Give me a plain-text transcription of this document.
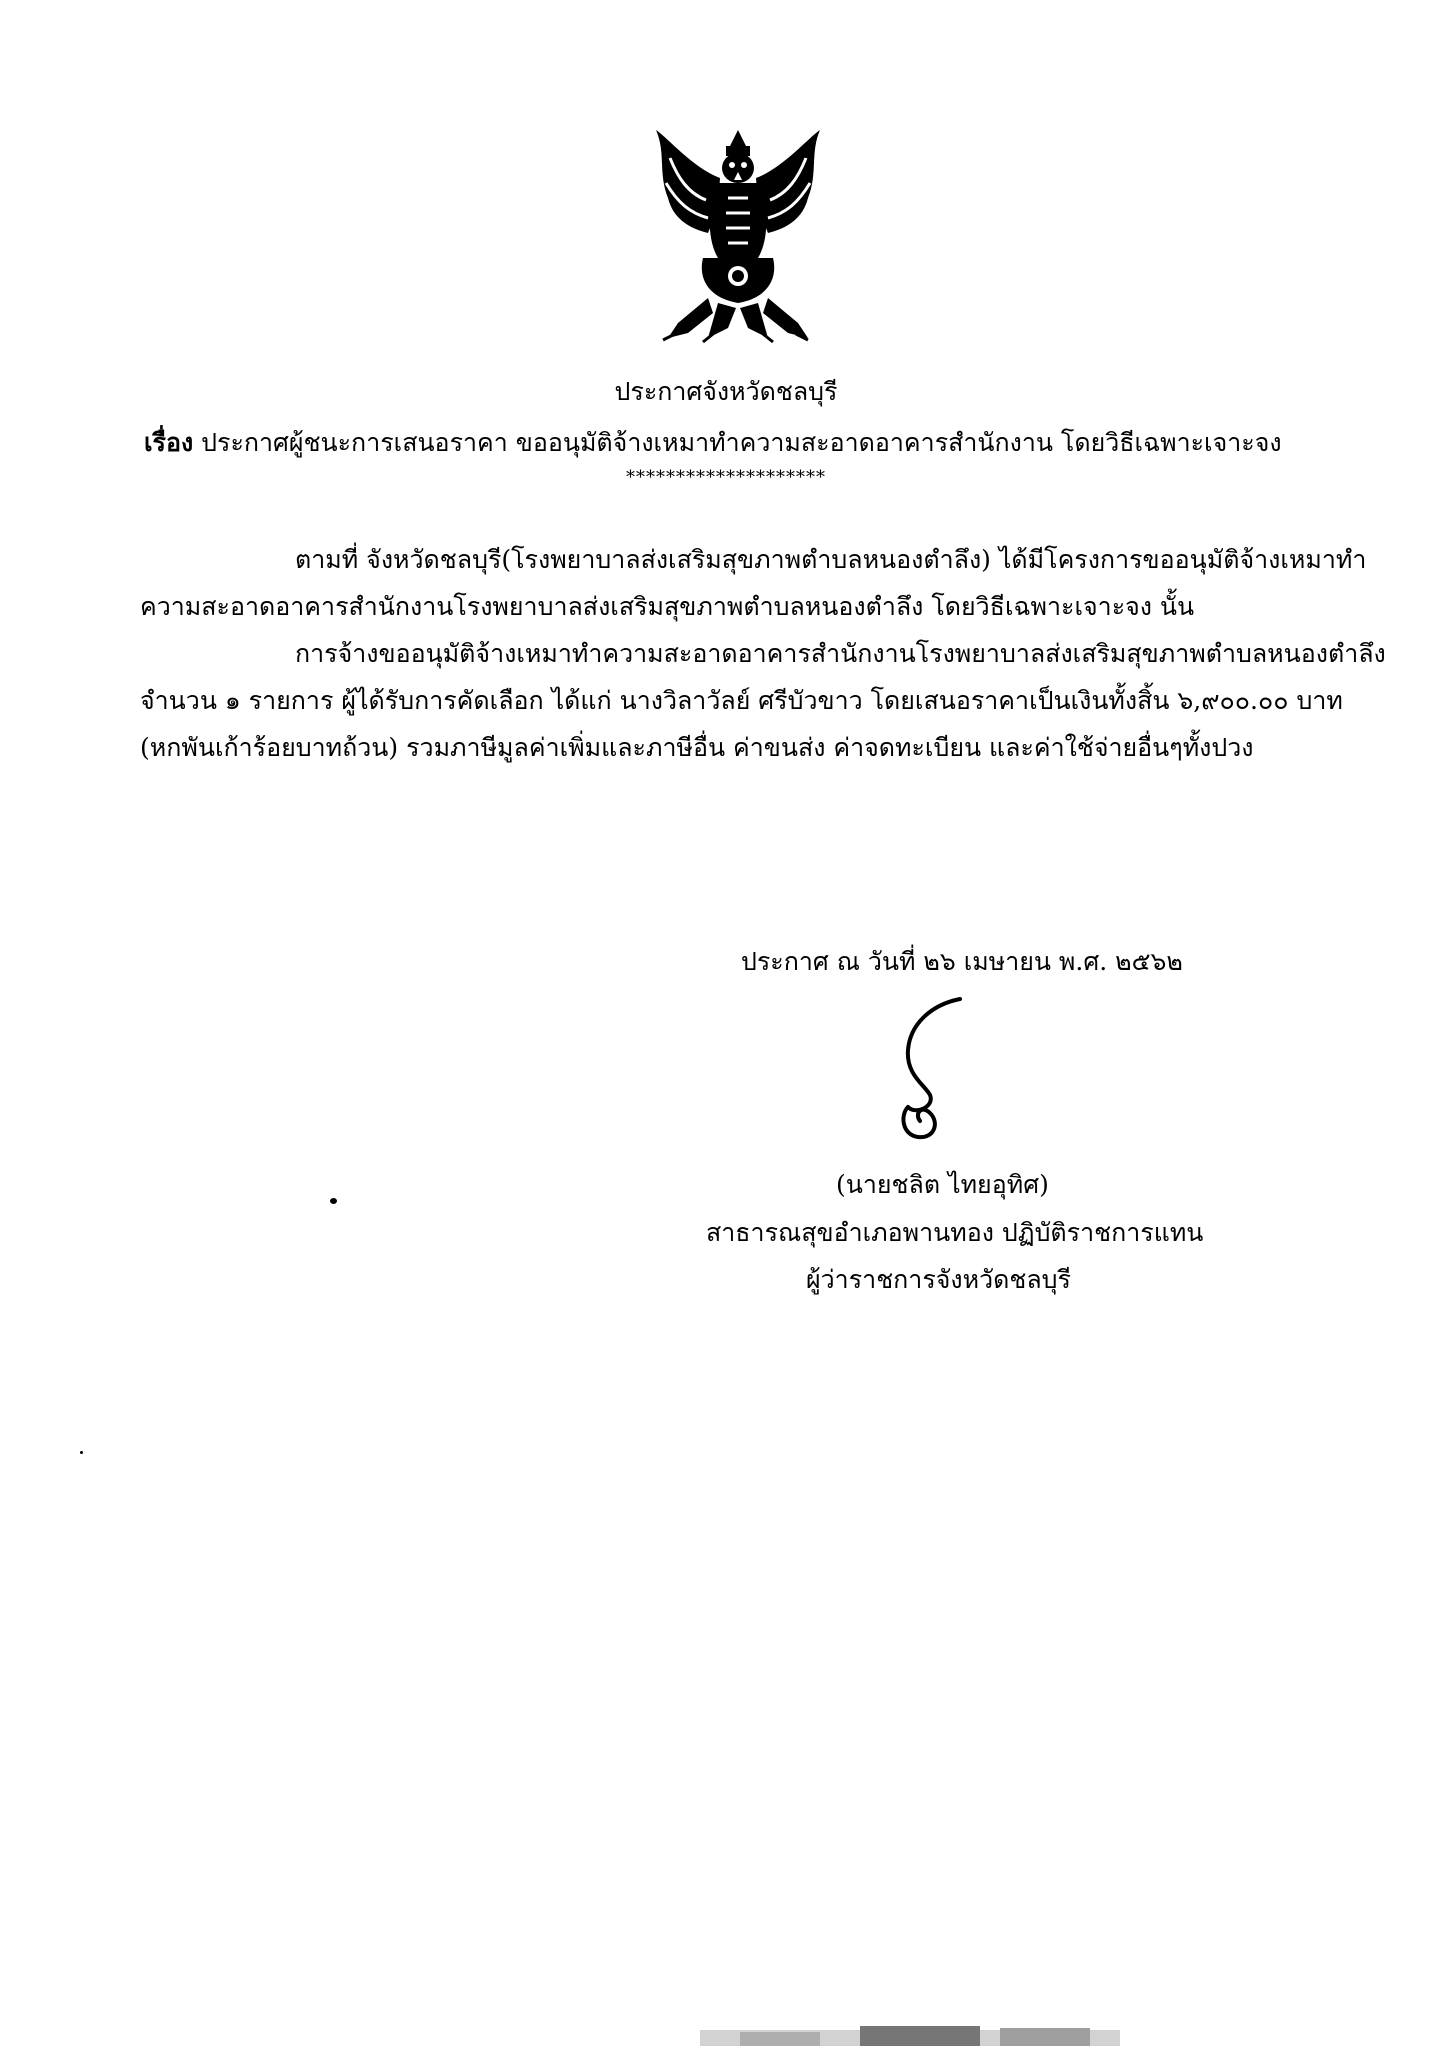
ประกาศจังหวัดชลบุรี
เรื่อง ประกาศผู้ชนะการเสนอราคา ขออนุมัติจ้างเหมาทำความสะอาดอาคารสำนักงาน โดยวิธีเฉพาะเจาะจง
********************
ตามที่ จังหวัดชลบุรี(โรงพยาบาลส่งเสริมสุขภาพตำบลหนองตำลึง) ได้มีโครงการขออนุมัติจ้างเหมาทำ
ความสะอาดอาคารสำนักงานโรงพยาบาลส่งเสริมสุขภาพตำบลหนองตำลึง โดยวิธีเฉพาะเจาะจง นั้น
การจ้างขออนุมัติจ้างเหมาทำความสะอาดอาคารสำนักงานโรงพยาบาลส่งเสริมสุขภาพตำบลหนองตำลึง
จำนวน ๑ รายการ ผู้ได้รับการคัดเลือก ได้แก่ นางวิลาวัลย์ ศรีบัวขาว โดยเสนอราคาเป็นเงินทั้งสิ้น ๖,๙๐๐.๐๐ บาท
(หกพันเก้าร้อยบาทถ้วน) รวมภาษีมูลค่าเพิ่มและภาษีอื่น ค่าขนส่ง ค่าจดทะเบียน และค่าใช้จ่ายอื่นๆทั้งปวง
ประกาศ ณ วันที่ ๒๖ เมษายน พ.ศ. ๒๕๖๒
(นายชลิต ไทยอุทิศ)
สาธารณสุขอำเภอพานทอง ปฏิบัติราชการแทน
ผู้ว่าราชการจังหวัดชลบุรี
